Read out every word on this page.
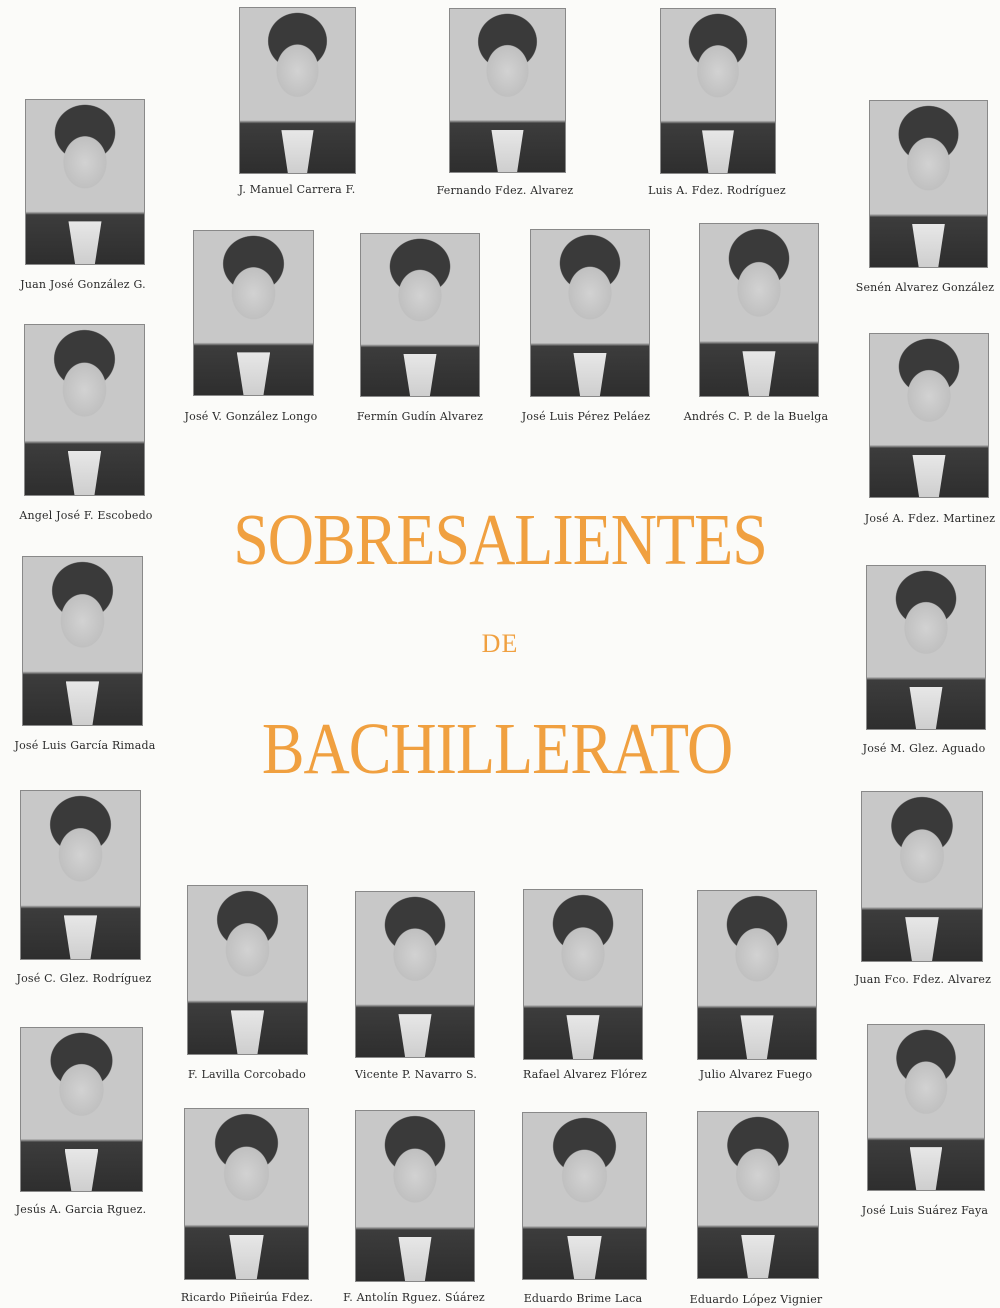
SOBRESALIENTES
DE
BACHILLERATO
J. Manuel Carrera F.	Fernando Fdez. Alvarez	Luis A. Fdez. Rodríguez
Juan José González G.	Senén Alvarez González
José V. González Longo	Fermín Gudín Alvarez	José Luis Pérez Peláez	Andrés C. P. de la Buelga
Angel José F. Escobedo	José A. Fdez. Martinez
José Luis García Rimada	José M. Glez. Aguado
José C. Glez. Rodríguez	Juan Fco. Fdez. Alvarez
F. Lavilla Corcobado	Vicente P. Navarro S.	Rafael Alvarez Flórez	Julio Alvarez Fuego
Jesús A. Garcia Rguez.	José Luis Suárez Faya
Ricardo Piñeirúa Fdez.	F. Antolín Rguez. Súárez	Eduardo Brime Laca	Eduardo López Vignier
